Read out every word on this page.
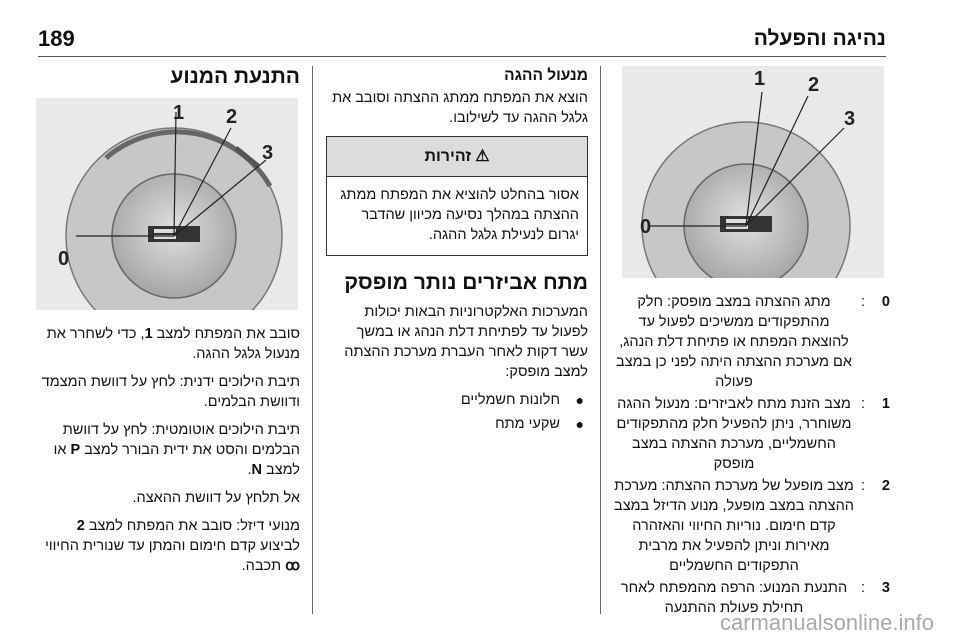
189	נהיגה והפעלה
התנעת המנוע
0
1 2
3
סובב את המפתח למצב 1, כדי לשחרר את מנעול גלגל ההגה.
תיבת הילוכים ידנית: לחץ על דוושת המצמד ודוושת הבלמים.
תיבת הילוכים אוטומטית: לחץ על דוושת הבלמים והסט את ידית הבורר למצב P או למצב N.
אל תלחץ על דוושת ההאצה.
מנועי דיזל: סובב את המפתח למצב 2 לביצוע קדם חימום והמתן עד שנורית החיווי ꝏ תכבה.
מנעול ההגה
הוצא את המפתח ממתג ההצתה וסובב את גלגל ההגה עד לשילובו.
⚠
זהירות
אסור בהחלט להוציא את המפתח ממתג ההצתה במהלך נסיעה מכיוון שהדבר יגרום לנעילת גלגל ההגה.
מתח אביזרים נותר מופסק
המערכות האלקטרוניות הבאות יכולות לפעול עד לפתיחת דלת הנהג או במשך עשר דקות לאחר העברת מערכת ההצתה למצב מופסק:
●
חלונות חשמליים
●
שקעי מתח
0
1 2
3
0
:
מתג ההצתה במצב מופסק: חלק מהתפקודים ממשיכים לפעול עד להוצאת המפתח או פתיחת דלת הנהג, אם מערכת ההצתה היתה לפני כן במצב פעולה
1
:
מצב הזנת מתח לאביזרים: מנעול ההגה משוחרר, ניתן להפעיל חלק מהתפקודים החשמליים, מערכת ההצתה במצב מופסק
2
:
מצב מופעל של מערכת ההצתה: מערכת ההצתה במצב מופעל, מנוע הדיזל במצב קדם חימום. נוריות החיווי והאזהרה מאירות וניתן להפעיל את מרבית התפקודים החשמליים
3
:
התנעת המנוע: הרפה מהמפתח לאחר תחילת פעולת ההתנעה
carmanualsonline.info
